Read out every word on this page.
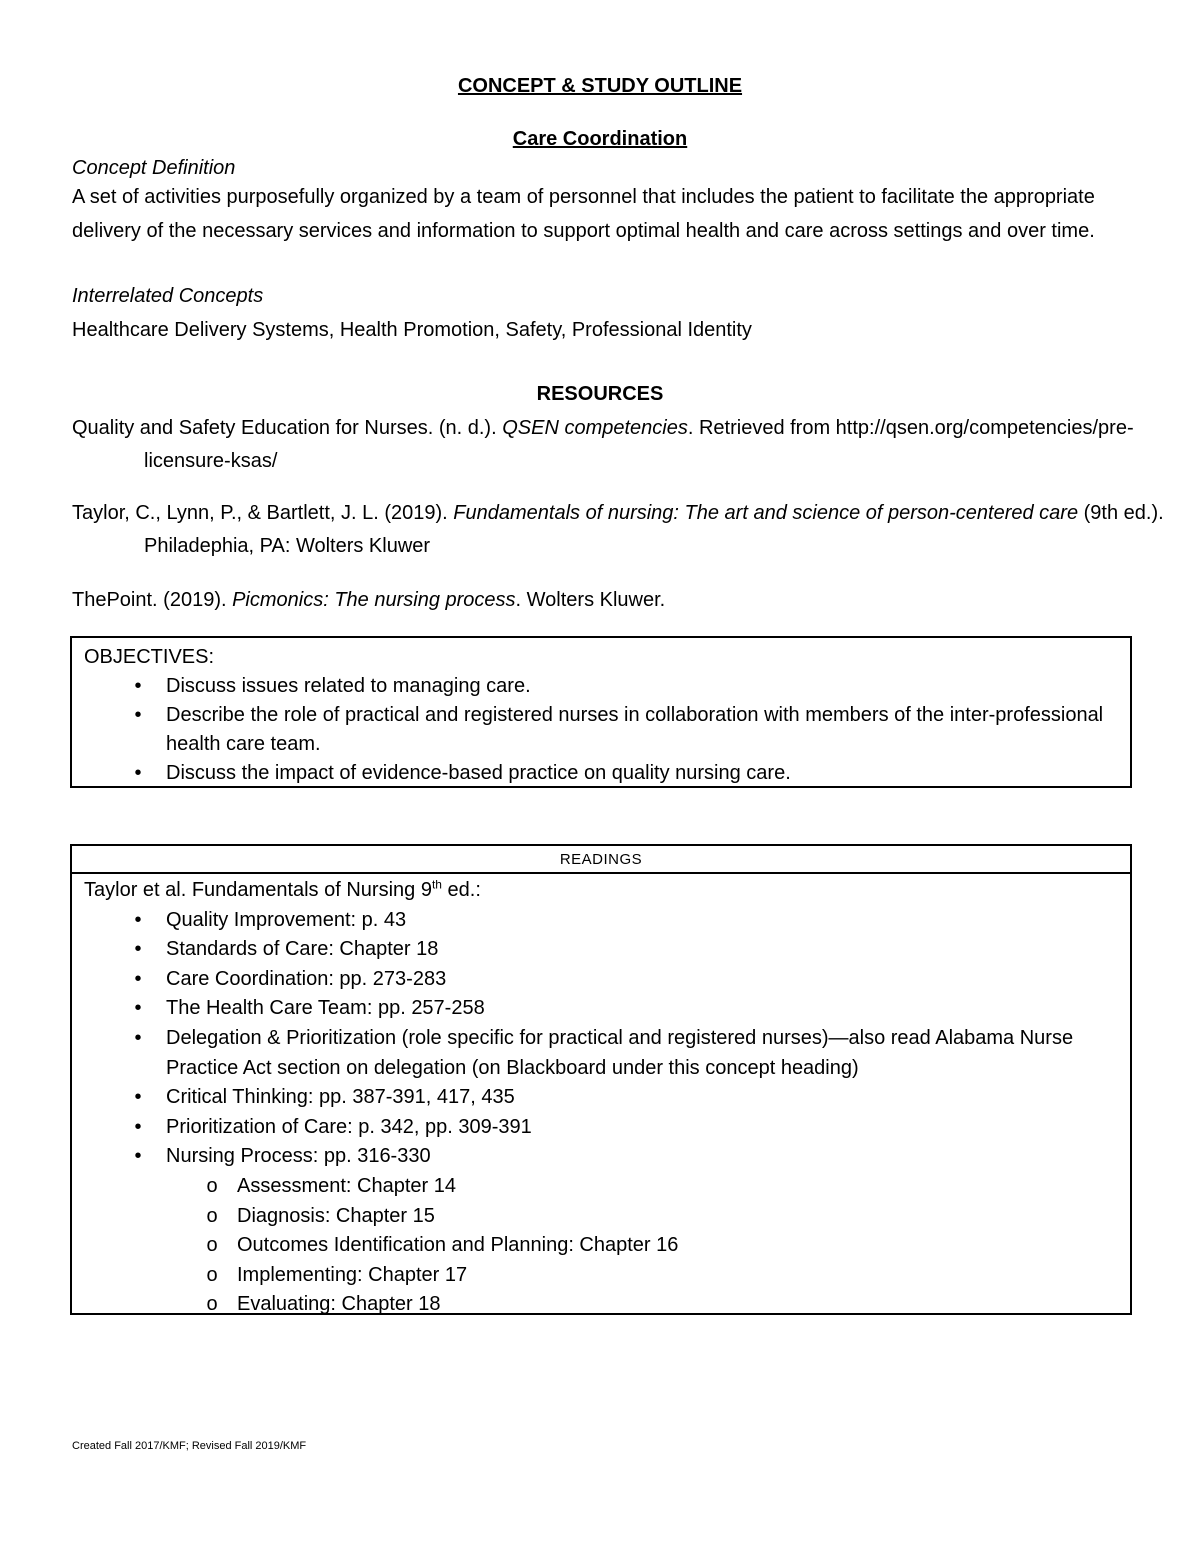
CONCEPT & STUDY OUTLINE

Care Coordination

Concept Definition

A set of activities purposefully organized by a team of personnel that includes the patient to facilitate the appropriate delivery of the necessary services and information to support optimal health and care across settings and over time.

Interrelated Concepts

Healthcare Delivery Systems, Health Promotion, Safety, Professional Identity

RESOURCES

Quality and Safety Education for Nurses. (n. d.). QSEN competencies. Retrieved from http://qsen.org/competencies/pre-licensure-ksas/

Taylor, C., Lynn, P., & Bartlett, J. L. (2019). Fundamentals of nursing: The art and science of person-centered care (9th ed.). Philadephia, PA: Wolters Kluwer

ThePoint. (2019). Picmonics: The nursing process. Wolters Kluwer.

OBJECTIVES:
•	Discuss issues related to managing care.
•	Describe the role of practical and registered nurses in collaboration with members of the inter-professional health care team.
•	Discuss the impact of evidence-based practice on quality nursing care.
READINGS
Taylor et al. Fundamentals of Nursing 9th ed.:
•	Quality Improvement: p. 43
•	Standards of Care: Chapter 18
•	Care Coordination: pp. 273-283
•	The Health Care Team: pp. 257-258
•	Delegation & Prioritization (role specific for practical and registered nurses)—also read Alabama Nurse Practice Act section on delegation (on Blackboard under this concept heading)
•	Critical Thinking: pp. 387-391, 417, 435
•	Prioritization of Care: p. 342, pp. 309-391
•	Nursing Process: pp. 316-330
o Assessment: Chapter 14
o Diagnosis: Chapter 15
o Outcomes Identification and Planning: Chapter 16
o Implementing: Chapter 17
o Evaluating: Chapter 18

Created Fall 2017/KMF; Revised Fall 2019/KMF
